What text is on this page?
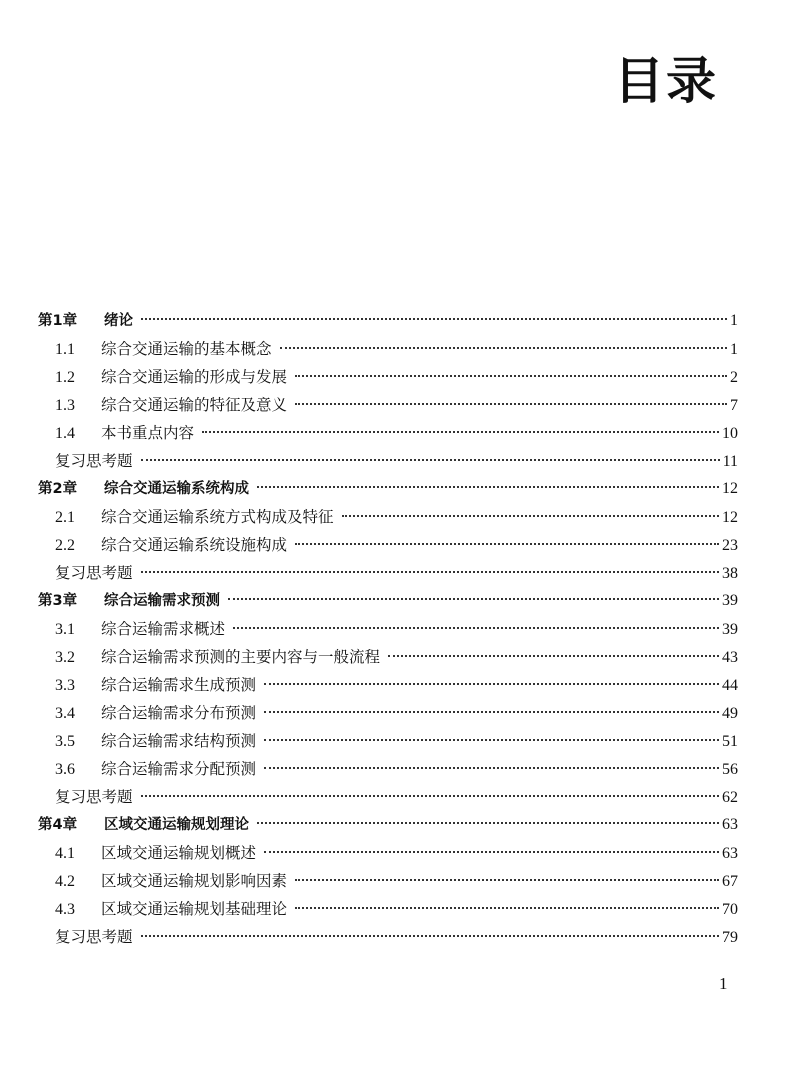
目录
第1章	绪论	1
1.1	综合交通运输的基本概念	1
1.2	综合交通运输的形成与发展	2
1.3	综合交通运输的特征及意义	7
1.4	本书重点内容	10
复习思考题	11
第2章	综合交通运输系统构成	12
2.1	综合交通运输系统方式构成及特征	12
2.2	综合交通运输系统设施构成	23
复习思考题	38
第3章	综合运输需求预测	39
3.1	综合运输需求概述	39
3.2	综合运输需求预测的主要内容与一般流程	43
3.3	综合运输需求生成预测	44
3.4	综合运输需求分布预测	49
3.5	综合运输需求结构预测	51
3.6	综合运输需求分配预测	56
复习思考题	62
第4章	区域交通运输规划理论	63
4.1	区域交通运输规划概述	63
4.2	区域交通运输规划影响因素	67
4.3	区域交通运输规划基础理论	70
复习思考题	79
1
